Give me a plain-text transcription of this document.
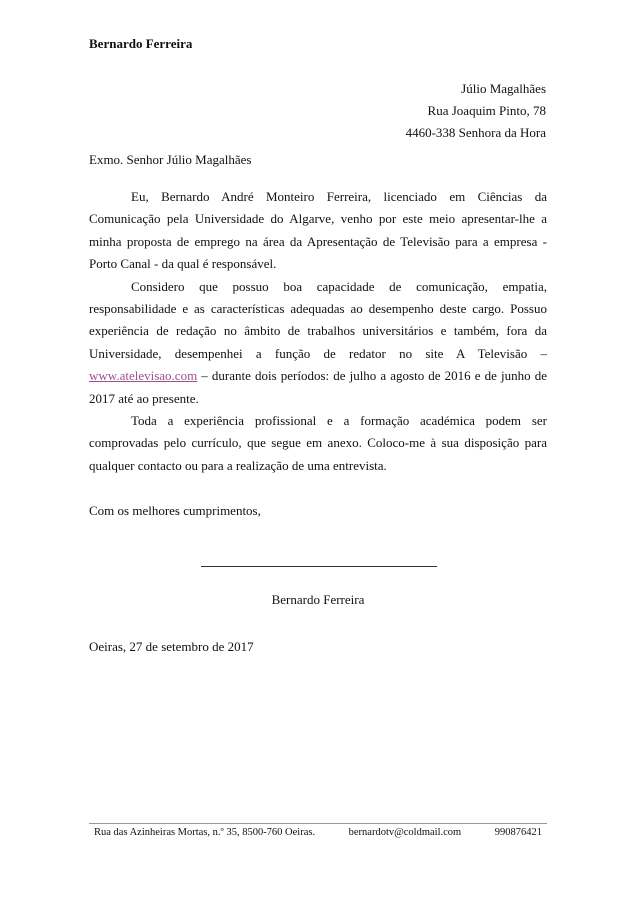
Bernardo Ferreira
Júlio Magalhães
Rua Joaquim Pinto, 78
4460-338 Senhora da Hora
Exmo. Senhor Júlio Magalhães

Eu, Bernardo André Monteiro Ferreira, licenciado em Ciências da Comunicação pela Universidade do Algarve, venho por este meio apresentar-lhe a minha proposta de emprego na área da Apresentação de Televisão para a empresa - Porto Canal - da qual é responsável.

Considero que possuo boa capacidade de comunicação, empatia, responsabilidade e as características adequadas ao desempenho deste cargo. Possuo experiência de redação no âmbito de trabalhos universitários e também, fora da Universidade, desempenhei a função de redator no site A Televisão – www.atelevisao.com – durante dois períodos: de julho a agosto de 2016 e de junho de 2017 até ao presente.

Toda a experiência profissional e a formação académica podem ser comprovadas pelo currículo, que segue em anexo. Coloco-me à sua disposição para qualquer contacto ou para a realização de uma entrevista.

Com os melhores cumprimentos,
Bernardo Ferreira
Oeiras, 27 de setembro de 2017
Rua das Azinheiras Mortas, n.º 35, 8500-760 Oeiras.	bernardotv@coldmail.com	990876421
